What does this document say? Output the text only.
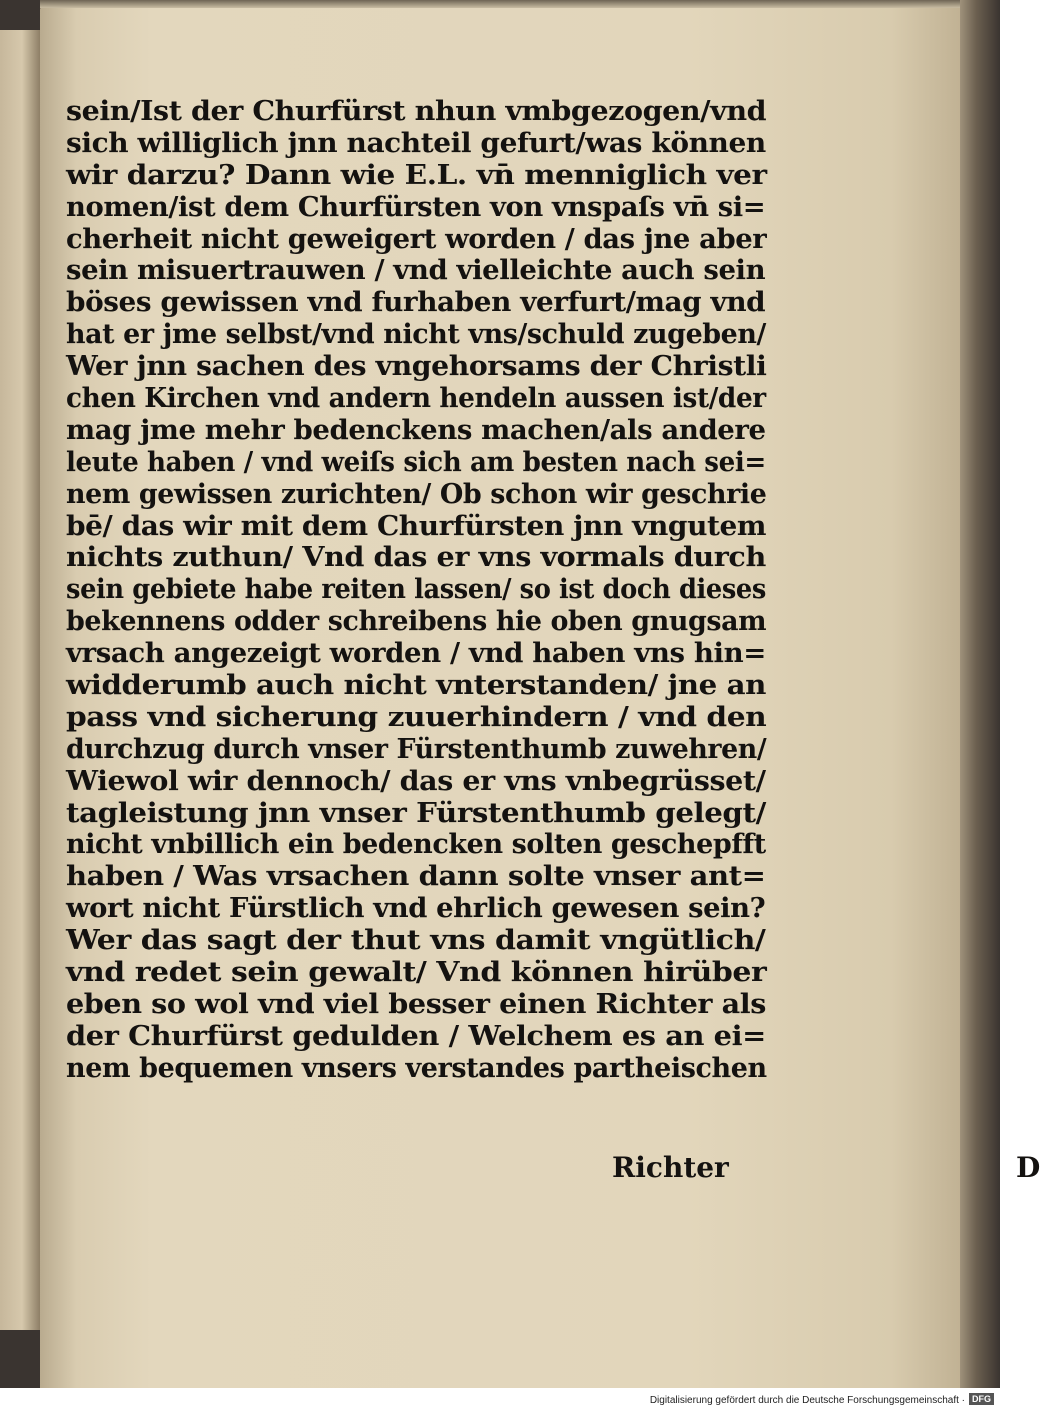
sein/Ist der Churfürst nhun vmbgezogen/vnd
sich williglich jnn nachteil gefurt/was können
wir darzu? Dann wie E.L. vn̄ menniglich ver
nomen/ist dem Churfürsten von vnspaſs vn̄ si=
cherheit nicht geweigert worden / das jne aber
sein misuertrauwen / vnd vielleichte auch sein
böses gewissen vnd furhaben verfurt/mag vnd
hat er jme selbst/vnd nicht vns/schuld zugeben/
Wer jnn sachen des vngehorsams der Christli
chen Kirchen vnd andern hendeln aussen ist/der
mag jme mehr bedenckens machen/als andere
leute haben / vnd weiſs sich am besten nach sei=
nem gewissen zurichten/ Ob schon wir geschrie
bē/ das wir mit dem Churfürsten jnn vngutem
nichts zuthun/ Vnd das er vns vormals durch
sein gebiete habe reiten lassen/ so ist doch dieses
bekennens odder schreibens hie oben gnugsam
vrsach angezeigt worden / vnd haben vns hin=
widderumb auch nicht vnterstanden/ jne an
pass vnd sicherung zuuerhindern / vnd den
durchzug durch vnser Fürstenthumb zuwehren/
Wiewol wir dennoch/ das er vns vnbegrüsset/
tagleistung jnn vnser Fürstenthumb gelegt/
nicht vnbillich ein bedencken solten geschepfft
haben / Was vrsachen dann solte vnser ant=
wort nicht Fürstlich vnd ehrlich gewesen sein?
Wer das sagt der thut vns damit vngütlich/
vnd redet sein gewalt/ Vnd können hirüber
eben so wol vnd viel besser einen Richter als
der Churfürst gedulden / Welchem es an ei=
nem bequemen vnsers verstandes partheischen
D
Richter
Digitalisierung gefördert durch die Deutsche Forschungsgemeinschaft · DFG
